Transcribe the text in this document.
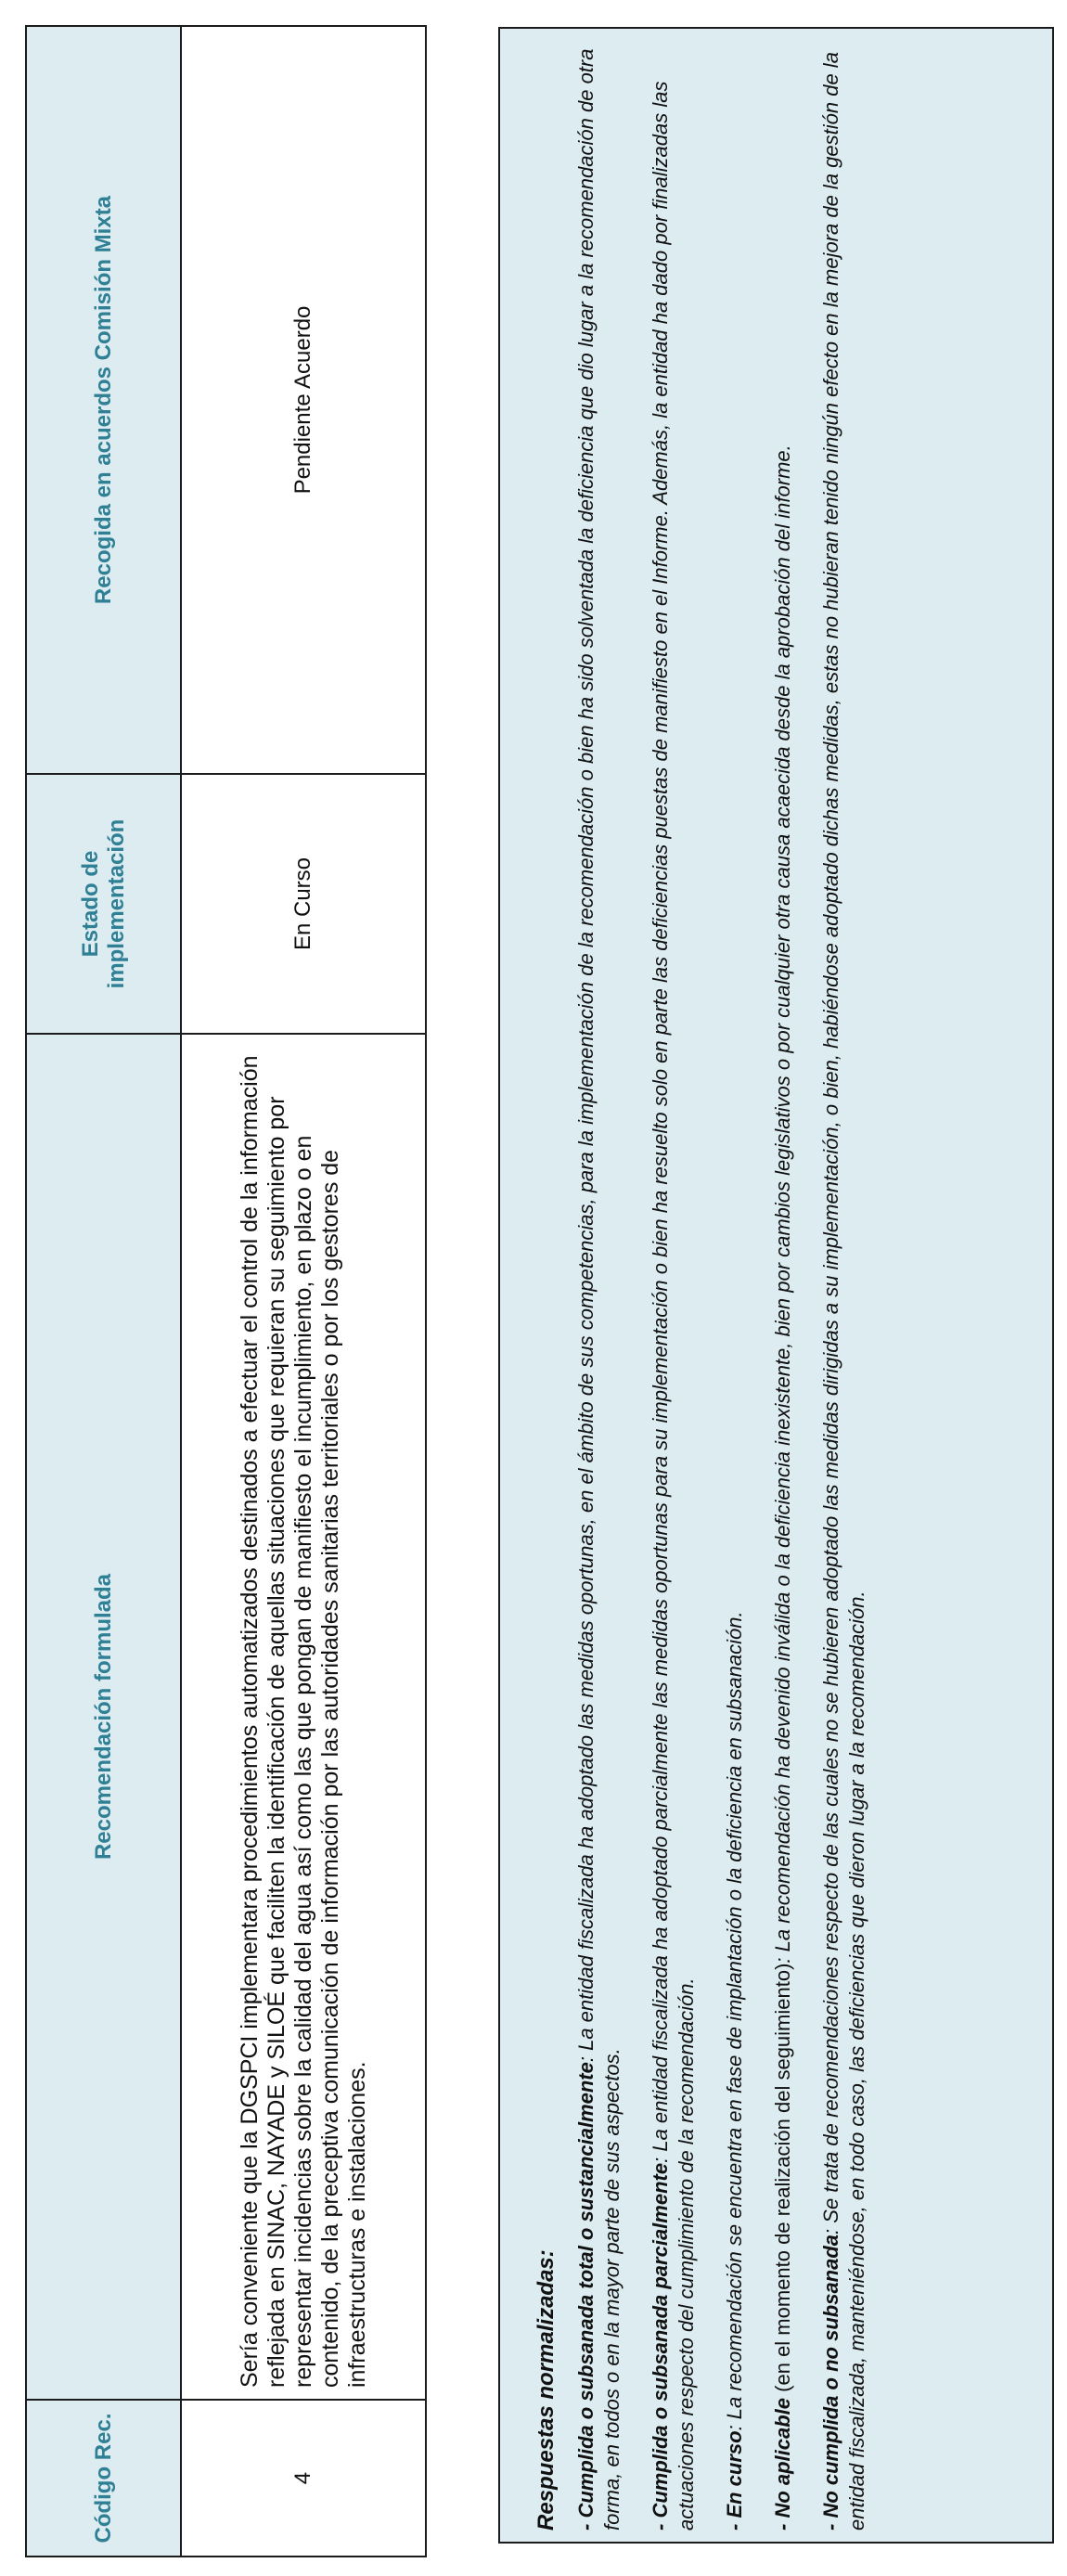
Código Rec.	Recomendación formulada	Estado de implementación	Recogida en acuerdos Comisión Mixta
4	Sería conveniente que la DGSPCI implementara procedimientos automatizados destinados a efectuar el control de la información reflejada en SINAC, NAYADE y SILOÉ que faciliten la identificación de aquellas situaciones que requieran su seguimiento por representar incidencias sobre la calidad del agua así como las que pongan de manifiesto el incumplimiento, en plazo o en contenido, de la preceptiva comunicación de información por las autoridades sanitarias territoriales o por los gestores de infraestructuras e instalaciones.	En Curso	Pendiente Acuerdo
Respuestas normalizadas: - Cumplida o subsanada total o sustancialmente: La entidad fiscalizada ha adoptado las medidas oportunas, en el ámbito de sus competencias, para la implementación de la recomendación o bien ha sido solventada la deficiencia que dio lugar a la recomendación de otra forma, en todos o en la mayor parte de sus aspectos. - Cumplida o subsanada parcialmente: La entidad fiscalizada ha adoptado parcialmente las medidas oportunas para su implementación o bien ha resuelto solo en parte las deficiencias puestas de manifiesto en el Informe. Además, la entidad ha dado por finalizadas las actuaciones respecto del cumplimiento de la recomendación. - En curso: La recomendación se encuentra en fase de implantación o la deficiencia en subsanación.

- No aplicable (en el momento de realización del seguimiento): La recomendación ha devenido inválida o la deficiencia inexistente, bien por cambios legislativos o por cualquier otra causa acaecida desde la aprobación del informe.

- No cumplida o no subsanada: Se trata de recomendaciones respecto de las cuales no se hubieren adoptado las medidas dirigidas a su implementación, o bien, habiéndose adoptado dichas medidas, estas no hubieran tenido ningún efecto en la mejora de la gestión de la entidad fiscalizada, manteniéndose, en todo caso, las deficiencias que dieron lugar a la recomendación.
